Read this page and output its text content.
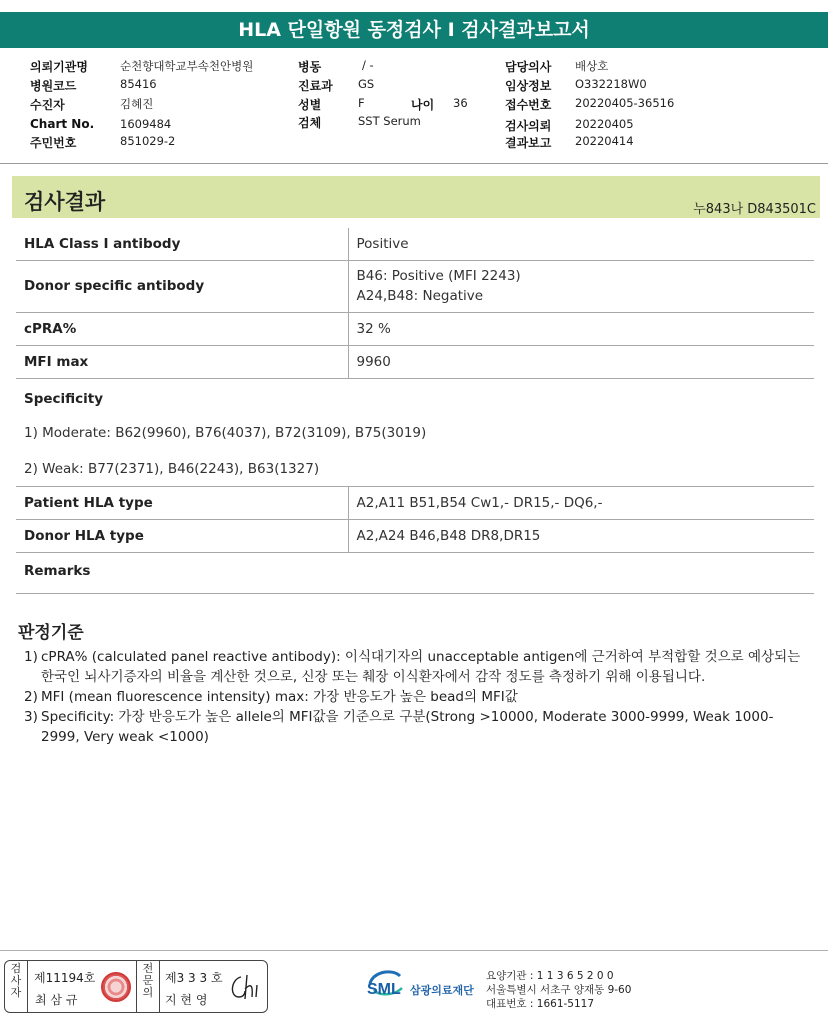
HLA 단일항원 동정검사 I 검사결과보고서
의뢰기관명	순천향대학교부속천안병원
병원코드	85416
수진자	김혜진
Chart No. 1609484
주민번호	851029-2
병동	/ -
진료과 GS
성별	F	나이 36
검체	SST Serum
담당의사 배상호
임상정보 O332218W0
접수번호 20220405-36516
검사의뢰 20220405
결과보고 20220414
검사결과	누843나 D843501C
HLA Class Ⅰ antibody	Positive
Donor specific antibody	B46: Positive (MFI 2243)
A24,B48: Negative

cPRA%	32 %
MFI max	9960

Specificity
1) Moderate: B62(9960), B76(4037), B72(3109), B75(3019)
2) Weak: B77(2371), B46(2243), B63(1327)	

Patient HLA type	A2,A11 B51,B54 Cw1,- DR15,- DQ6,-
Donor HLA type	A2,A24 B46,B48 DR8,DR15
Remarks	
판정기준
1) cPRA% (calculated panel reactive antibody): 이식대기자의 unacceptable antigen에 근거하여 부적합할 것으로 예상되는 한국인 뇌사기증자의 비율을 계산한 것으로, 신장 또는 췌장 이식환자에서 감작 정도를 측정하기 위해 이용됩니다.
2) MFI (mean fluorescence intensity) max: 가장 반응도가 높은 bead의 MFI값
3) Specificity: 가장 반응도가 높은 allele의 MFI값을 기준으로 구분(Strong >10000, Moderate 3000-9999, Weak 1000-2999, Very weak <1000)
검사자
제11194호
최 삼 규
전문의
제3 3 3 호
지 현 영
SML 삼광의료재단
요양기관 : 1 1 3 6 5 2 0 0
서울특별시 서초구 양재동 9-60
대표번호 : 1661-5117
